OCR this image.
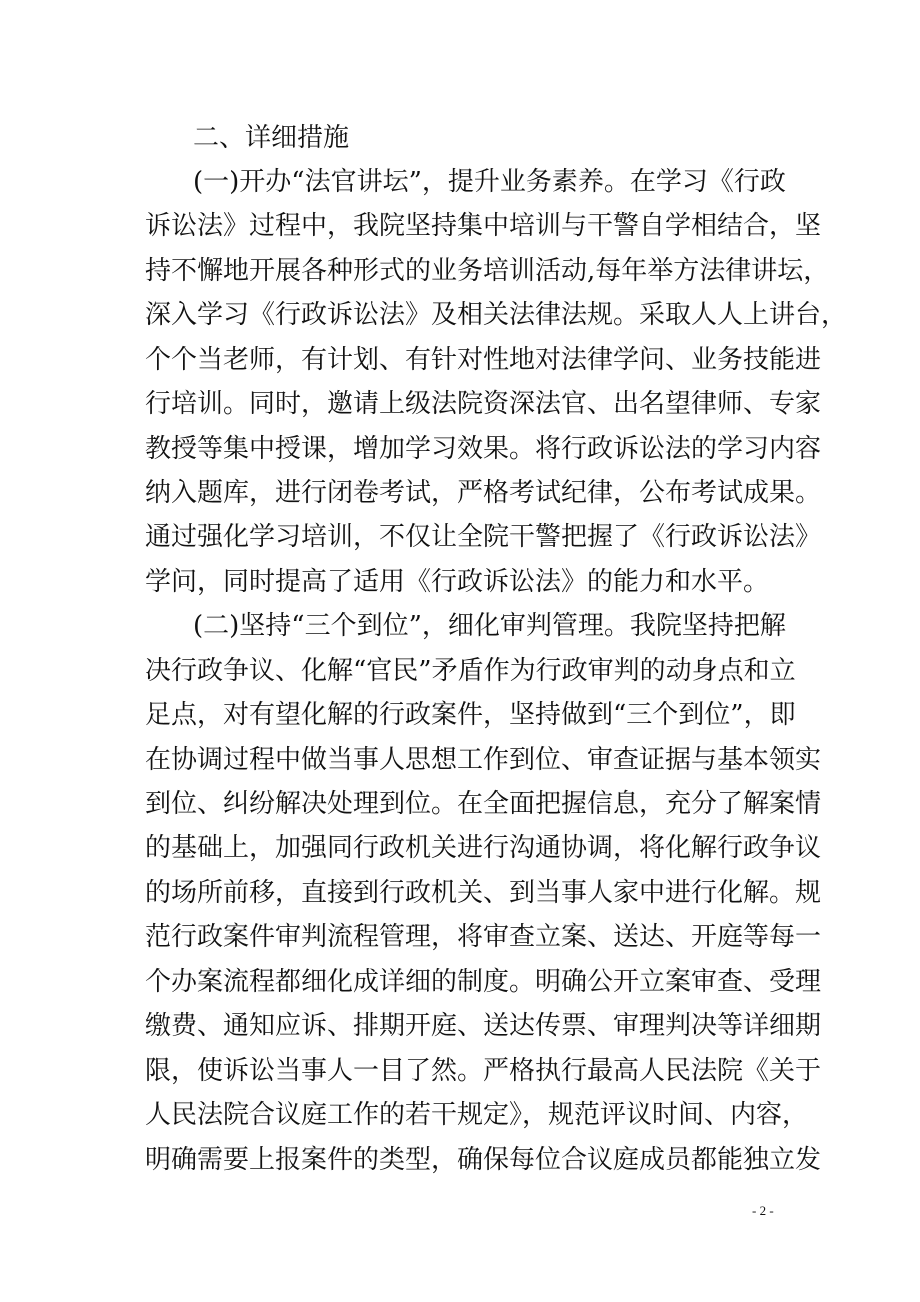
二、详细措施
(一)开办“法官讲坛”，提升业务素养。在学习《行政
诉讼法》过程中，我院坚持集中培训与干警自学相结合，坚
持不懈地开展各种形式的业务培训活动,每年举方法律讲坛，
深入学习《行政诉讼法》及相关法律法规。采取人人上讲台，
个个当老师，有计划、有针对性地对法律学问、业务技能进
行培训。同时，邀请上级法院资深法官、出名望律师、专家
教授等集中授课，增加学习效果。将行政诉讼法的学习内容
纳入题库，进行闭卷考试，严格考试纪律，公布考试成果。
通过强化学习培训，不仅让全院干警把握了《行政诉讼法》
学问，同时提高了适用《行政诉讼法》的能力和水平。
(二)坚持“三个到位”，细化审判管理。我院坚持把解
决行政争议、化解“官民”矛盾作为行政审判的动身点和立
足点，对有望化解的行政案件，坚持做到“三个到位”，即
在协调过程中做当事人思想工作到位、审查证据与基本领实
到位、纠纷解决处理到位。在全面把握信息，充分了解案情
的基础上，加强同行政机关进行沟通协调，将化解行政争议
的场所前移，直接到行政机关、到当事人家中进行化解。规
范行政案件审判流程管理，将审查立案、送达、开庭等每一
个办案流程都细化成详细的制度。明确公开立案审查、受理
缴费、通知应诉、排期开庭、送达传票、审理判决等详细期
限，使诉讼当事人一目了然。严格执行最高人民法院《关于
人民法院合议庭工作的若干规定》，规范评议时间、内容，
明确需要上报案件的类型，确保每位合议庭成员都能独立发
- 2 -
